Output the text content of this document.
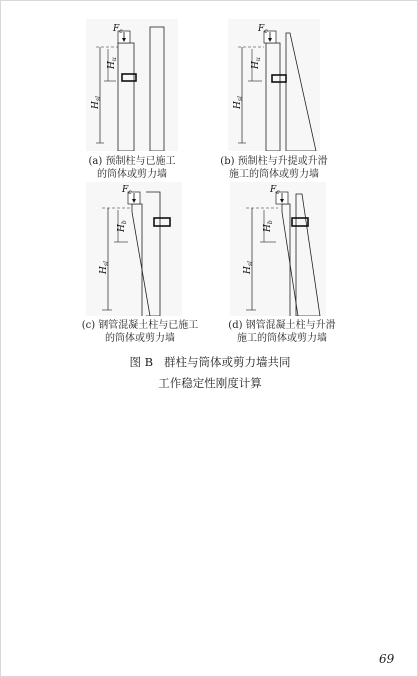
$F_c$
$H_u$
$H_{sl}$
(a) 预制柱与已施工
的筒体或剪力墙
$F_c$
$H_u$
$H_{sl}$
(b) 预制柱与升提或升滑
施工的筒体或剪力墙
$F_c$
$H_b$
$H_{sl}$
(c) 钢管混凝土柱与已施工
的筒体或剪力墙
$F_c$
$H_b$
$H_{sl}$
(d) 钢管混凝土柱与升滑
施工的筒体或剪力墙
图 B   群柱与筒体或剪力墙共同
工作稳定性刚度计算
69
